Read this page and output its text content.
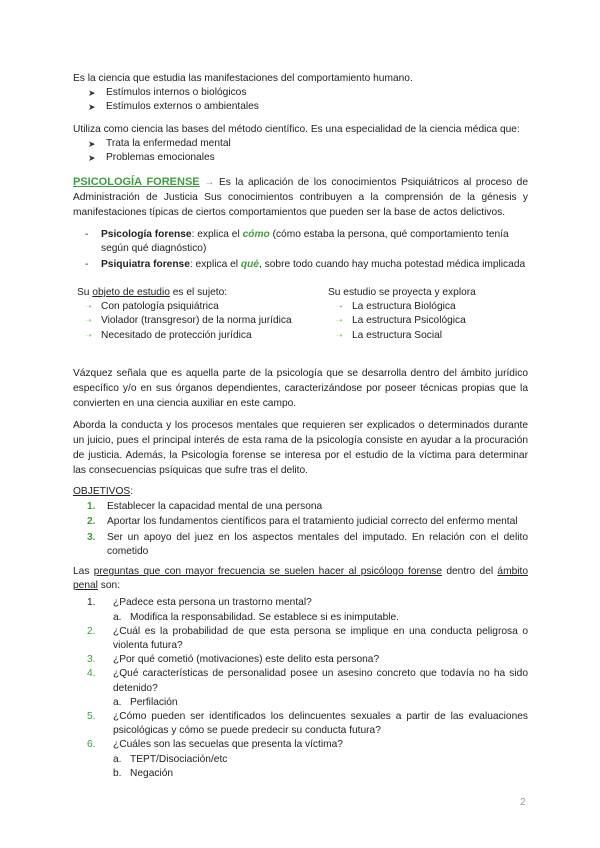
Es la ciencia que estudia las manifestaciones del comportamiento humano.
➤ Estímulos internos o biológicos
➤ Estímulos externos o ambientales
Utiliza como ciencia las bases del método científico. Es una especialidad de la ciencia médica que:
➤ Trata la enfermedad mental
➤ Problemas emocionales
PSICOLOGÍA FORENSE → Es la aplicación de los conocimientos Psiquiátricos al proceso de Administración de Justicia Sus conocimientos contribuyen a la comprensión de la génesis y manifestaciones típicas de ciertos comportamientos que pueden ser la base de actos delictivos.
- Psicología forense: explica el cómo (cómo estaba la persona, qué comportamiento tenía según qué diagnóstico)
- Psiquiatra forense: explica el qué, sobre todo cuando hay mucha potestad médica implicada
Su objeto de estudio es el sujeto:
➝ Con patología psiquiátrica
➝ Violador (transgresor) de la norma jurídica
➝ Necesitado de protección jurídica
Su estudio se proyecta y explora
➝ La estructura Biológica
➝ La estructura Psicológica
➝ La estructura Social
Vázquez señala que es aquella parte de la psicología que se desarrolla dentro del ámbito jurídico específico y/o en sus órganos dependientes, caracterizándose por poseer técnicas propias que la convierten en una ciencia auxiliar en este campo.
Aborda la conducta y los procesos mentales que requieren ser explicados o determinados durante un juicio, pues el principal interés de esta rama de la psicología consiste en ayudar a la procuración de justicia. Además, la Psicología forense se interesa por el estudio de la víctima para determinar las consecuencias psíquicas que sufre tras el delito.
OBJETIVOS:
1. Establecer la capacidad mental de una persona
2. Aportar los fundamentos científicos para el tratamiento judicial correcto del enfermo mental
3. Ser un apoyo del juez en los aspectos mentales del imputado. En relación con el delito cometido
Las preguntas que con mayor frecuencia se suelen hacer al psicólogo forense dentro del ámbito penal son:
1. ¿Padece esta persona un trastorno mental?
a. Modifica la responsabilidad. Se establece si es inimputable.
2. ¿Cuál es la probabilidad de que esta persona se implique en una conducta peligrosa o violenta futura?
3. ¿Por qué cometió (motivaciones) este delito esta persona?
4. ¿Qué características de personalidad posee un asesino concreto que todavía no ha sido detenido?
a. Perfilación
5. ¿Cómo pueden ser identificados los delincuentes sexuales a partir de las evaluaciones psicológicas y cómo se puede predecir su conducta futura?
6. ¿Cuáles son las secuelas que presenta la víctima?
a. TEPT/Disociación/etc
b. Negación
2
